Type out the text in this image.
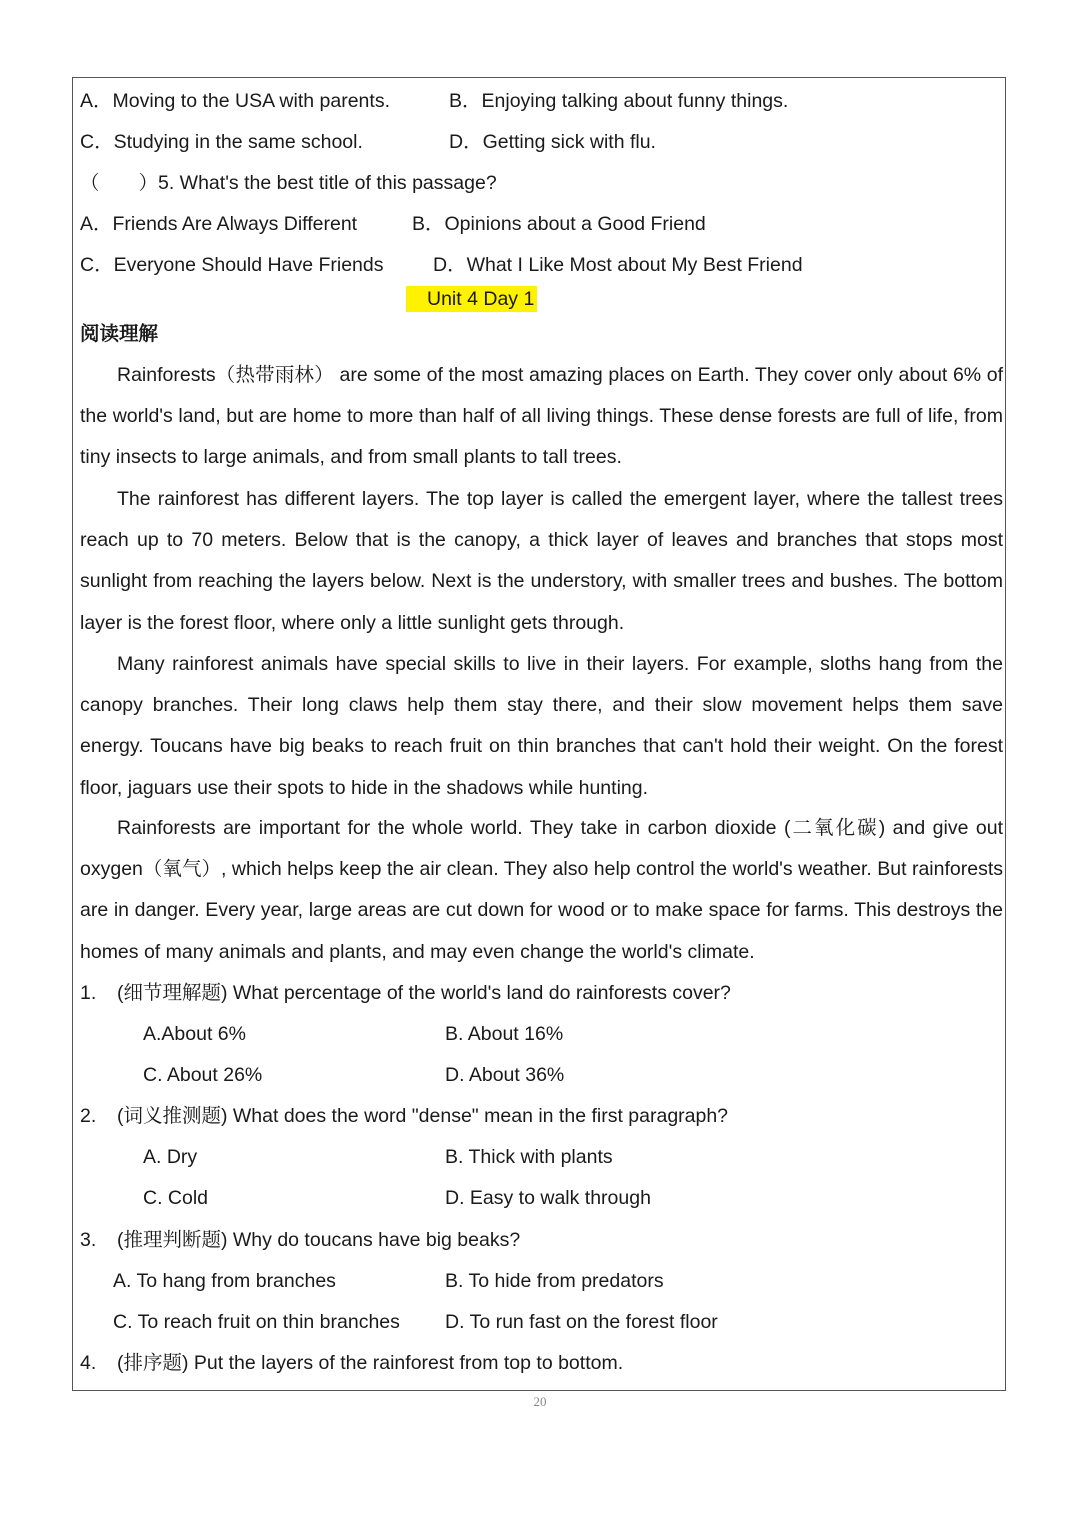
A．Moving to the USA with parents.	B．Enjoying talking about funny things.
C．Studying in the same school.	D．Getting sick with flu.
（　　）5. What's the best title of this passage?
A．Friends Are Always Different	B．Opinions about a Good Friend
C．Everyone Should Have Friends	D．What I Like Most about My Best Friend
Unit 4 Day 1
阅读理解
Rainforests（热带雨林） are some of the most amazing places on Earth. They cover only about 6% of the world's land, but are home to more than half of all living things. These dense forests are full of life, from tiny insects to large animals, and from small plants to tall trees.
The rainforest has different layers. The top layer is called the emergent layer, where the tallest trees reach up to 70 meters. Below that is the canopy, a thick layer of leaves and branches that stops most sunlight from reaching the layers below. Next is the understory, with smaller trees and bushes. The bottom layer is the forest floor, where only a little sunlight gets through.
Many rainforest animals have special skills to live in their layers. For example, sloths hang from the canopy branches. Their long claws help them stay there, and their slow movement helps them save energy. Toucans have big beaks to reach fruit on thin branches that can't hold their weight. On the forest floor, jaguars use their spots to hide in the shadows while hunting.
Rainforests are important for the whole world. They take in carbon dioxide (二氧化碳) and give out oxygen（氧气）, which helps keep the air clean. They also help control the world's weather. But rainforests are in danger. Every year, large areas are cut down for wood or to make space for farms. This destroys the homes of many animals and plants, and may even change the world's climate.
1. (细节理解题) What percentage of the world's land do rainforests cover?
A.About 6%	B. About 16%
C. About 26%	D. About 36%
2. (词义推测题) What does the word "dense" mean in the first paragraph?
A. Dry	B. Thick with plants
C. Cold	D. Easy to walk through
3. (推理判断题) Why do toucans have big beaks?
A. To hang from branches	B. To hide from predators
C. To reach fruit on thin branches D. To run fast on the forest floor
4. (排序题) Put the layers of the rainforest from top to bottom.
20
